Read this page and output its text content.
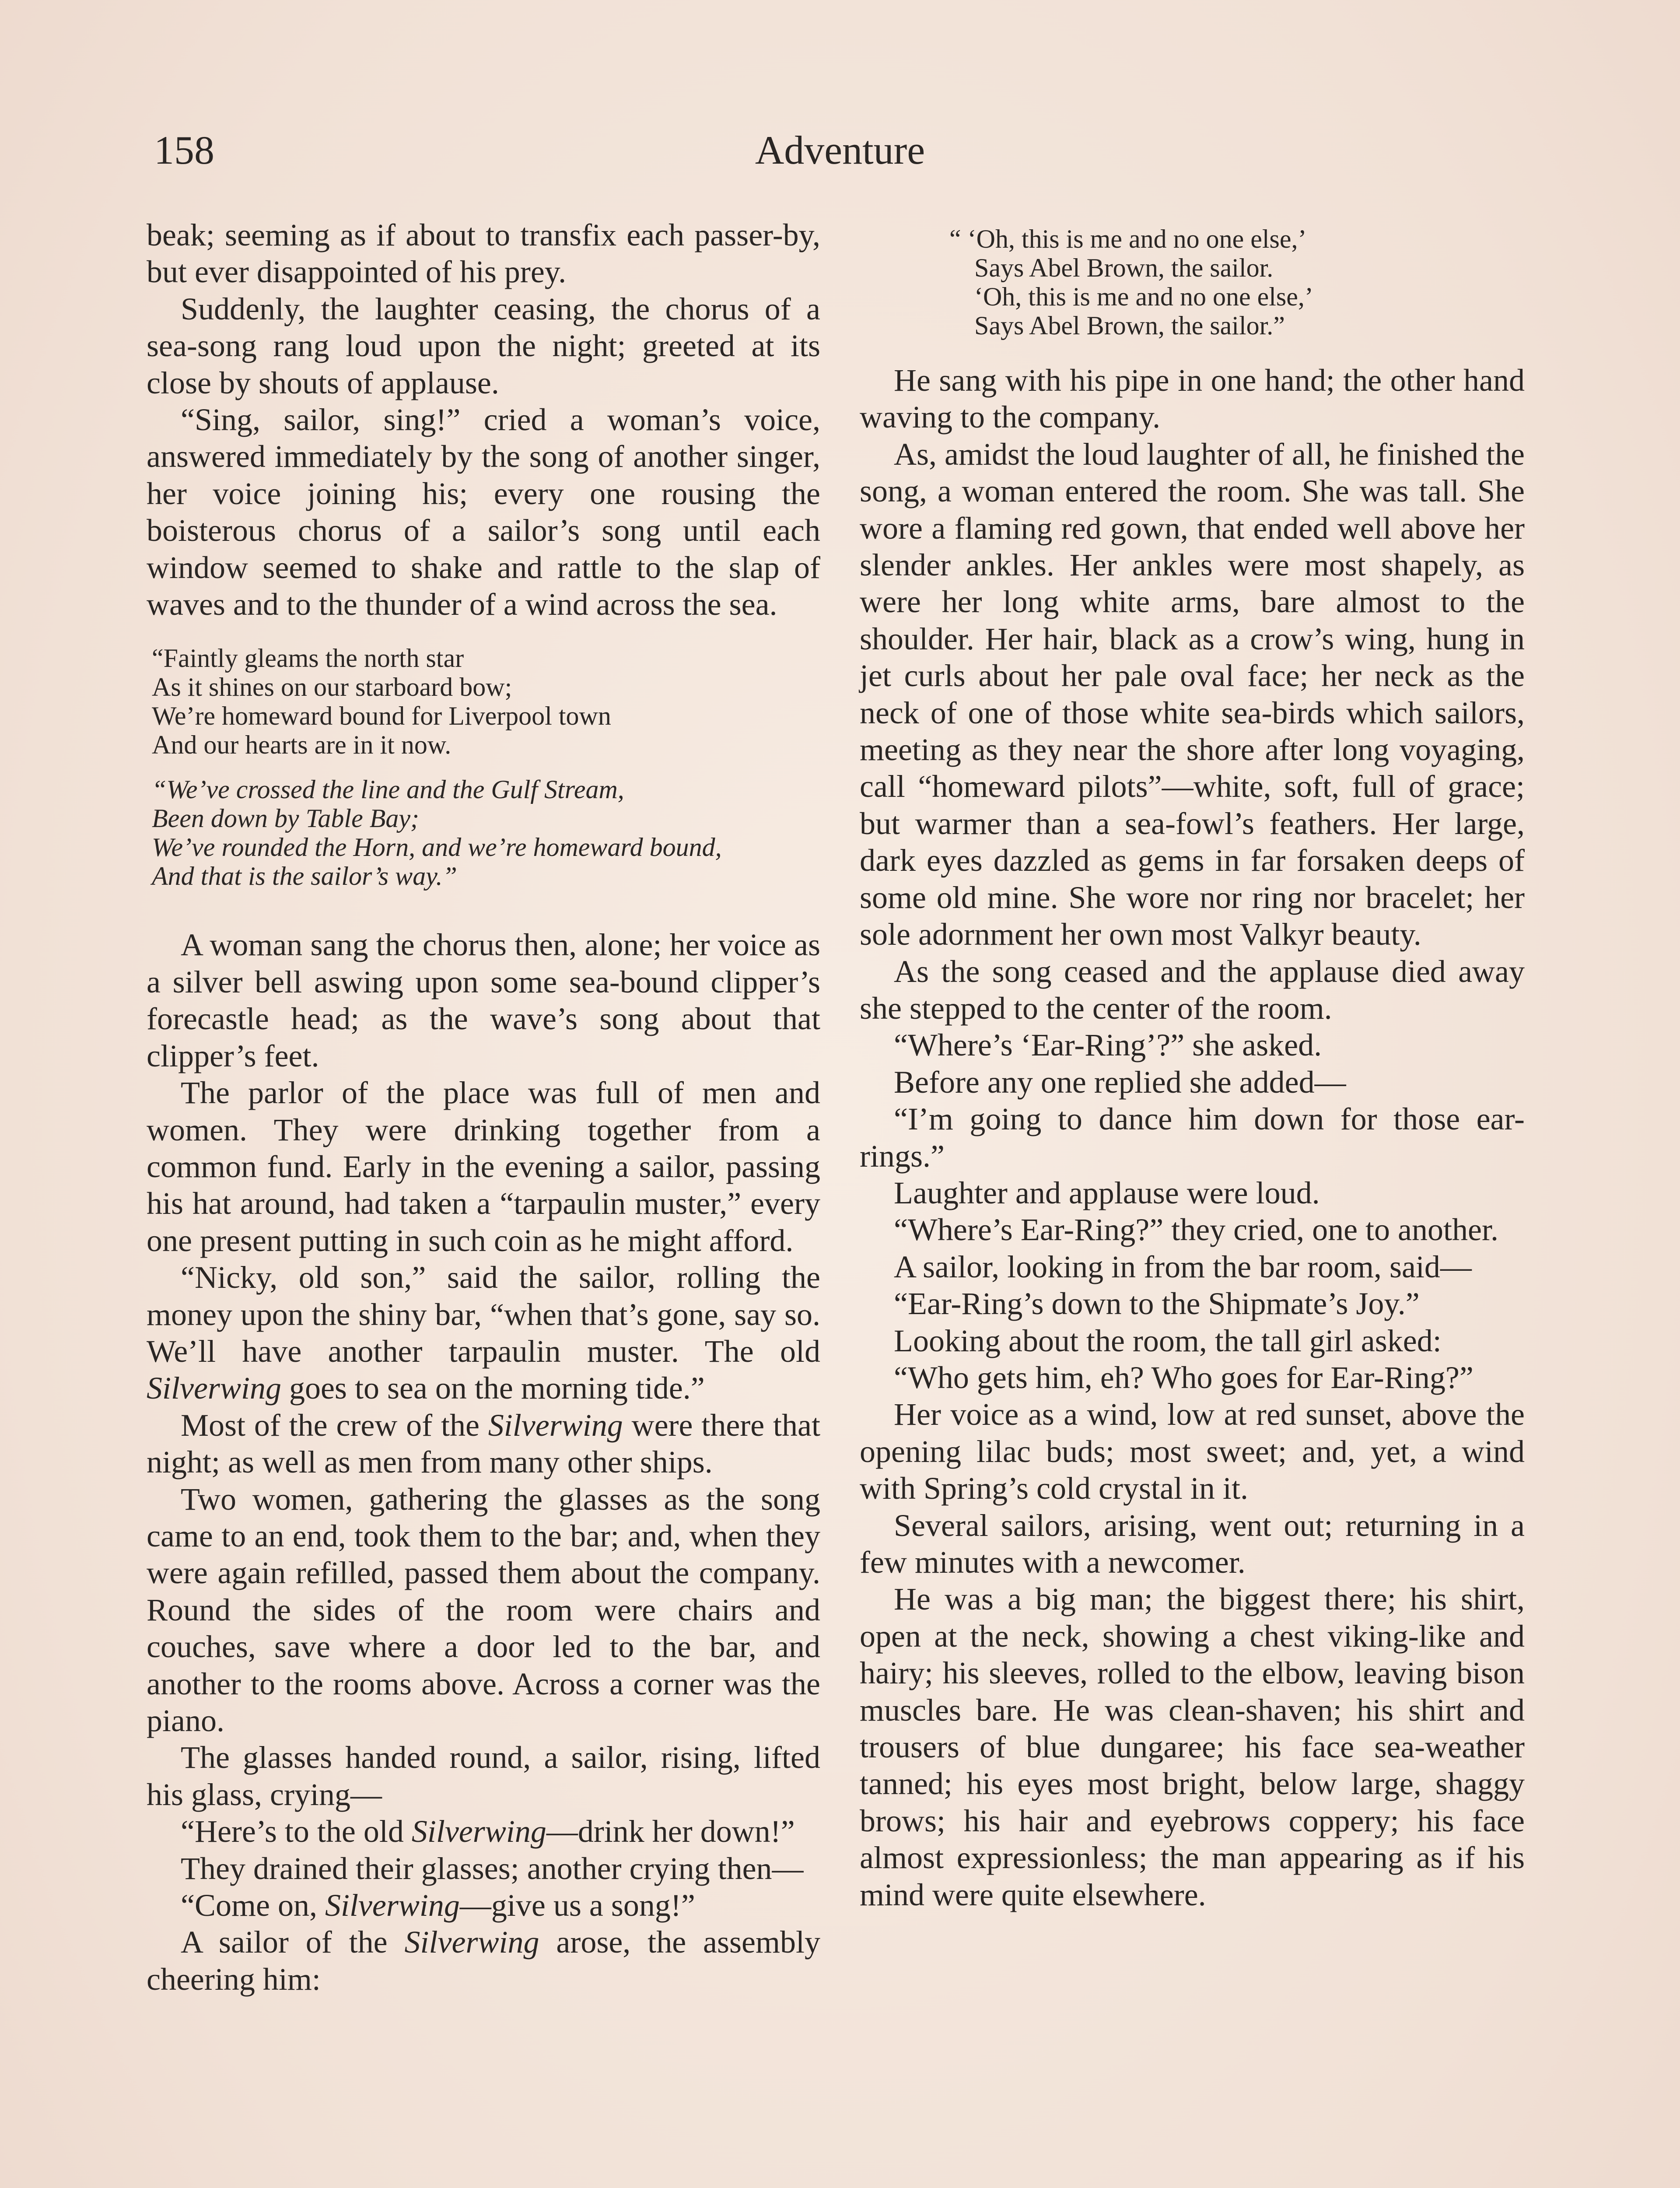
158	Adventure

beak; seeming as if about to transfix each passer-by, but ever disappointed of his prey.

Suddenly, the laughter ceasing, the chorus of a sea-song rang loud upon the night; greeted at its close by shouts of applause.

“Sing, sailor, sing!” cried a woman’s voice, answered immediately by the song of another singer, her voice joining his; every one rousing the boisterous chorus of a sailor’s song until each window seemed to shake and rattle to the slap of waves and to the thunder of a wind across the sea.

“Faintly gleams the north star
As it shines on our starboard bow;
We’re homeward bound for Liverpool town
And our hearts are in it now.
“We’ve crossed the line and the Gulf Stream,
Been down by Table Bay;
We’ve rounded the Horn, and we’re homeward bound,
And that is the sailor’s way.”

A woman sang the chorus then, alone; her voice as a silver bell aswing upon some sea-bound clipper’s forecastle head; as the wave’s song about that clipper’s feet.

The parlor of the place was full of men and women. They were drinking together from a common fund. Early in the evening a sailor, passing his hat around, had taken a “tarpaulin muster,” every one present putting in such coin as he might afford.

“Nicky, old son,” said the sailor, rolling the money upon the shiny bar, “when that’s gone, say so. We’ll have another tarpaulin muster. The old Silverwing goes to sea on the morning tide.”

Most of the crew of the Silverwing were there that night; as well as men from many other ships.

Two women, gathering the glasses as the song came to an end, took them to the bar; and, when they were again refilled, passed them about the company. Round the sides of the room were chairs and couches, save where a door led to the bar, and another to the rooms above. Across a corner was the piano.

The glasses handed round, a sailor, rising, lifted his glass, crying—

“Here’s to the old Silverwing—drink her down!”

They drained their glasses; another crying then—

“Come on, Silverwing—give us a song!”

A sailor of the Silverwing arose, the assembly cheering him:

“ ‘Oh, this is me and no one else,’
Says Abel Brown, the sailor.
‘Oh, this is me and no one else,’
Says Abel Brown, the sailor.”

He sang with his pipe in one hand; the other hand waving to the company.

As, amidst the loud laughter of all, he finished the song, a woman entered the room. She was tall. She wore a flaming red gown, that ended well above her slender ankles. Her ankles were most shapely, as were her long white arms, bare almost to the shoulder. Her hair, black as a crow’s wing, hung in jet curls about her pale oval face; her neck as the neck of one of those white sea-birds which sailors, meeting as they near the shore after long voyaging, call “homeward pilots”—white, soft, full of grace; but warmer than a sea-fowl’s feathers. Her large, dark eyes dazzled as gems in far forsaken deeps of some old mine. She wore nor ring nor bracelet; her sole adornment her own most Valkyr beauty.

As the song ceased and the applause died away she stepped to the center of the room.

“Where’s ‘Ear-Ring’?” she asked.

Before any one replied she added—

“I’m going to dance him down for those ear-rings.”

Laughter and applause were loud.

“Where’s Ear-Ring?” they cried, one to another.

A sailor, looking in from the bar room, said—

“Ear-Ring’s down to the Shipmate’s Joy.”

Looking about the room, the tall girl asked:

“Who gets him, eh? Who goes for Ear-Ring?”

Her voice as a wind, low at red sunset, above the opening lilac buds; most sweet; and, yet, a wind with Spring’s cold crystal in it.

Several sailors, arising, went out; returning in a few minutes with a newcomer.

He was a big man; the biggest there; his shirt, open at the neck, showing a chest viking-like and hairy; his sleeves, rolled to the elbow, leaving bison muscles bare. He was clean-shaven; his shirt and trousers of blue dungaree; his face sea-weather tanned; his eyes most bright, below large, shaggy brows; his hair and eyebrows coppery; his face almost expressionless; the man appearing as if his mind were quite elsewhere.
